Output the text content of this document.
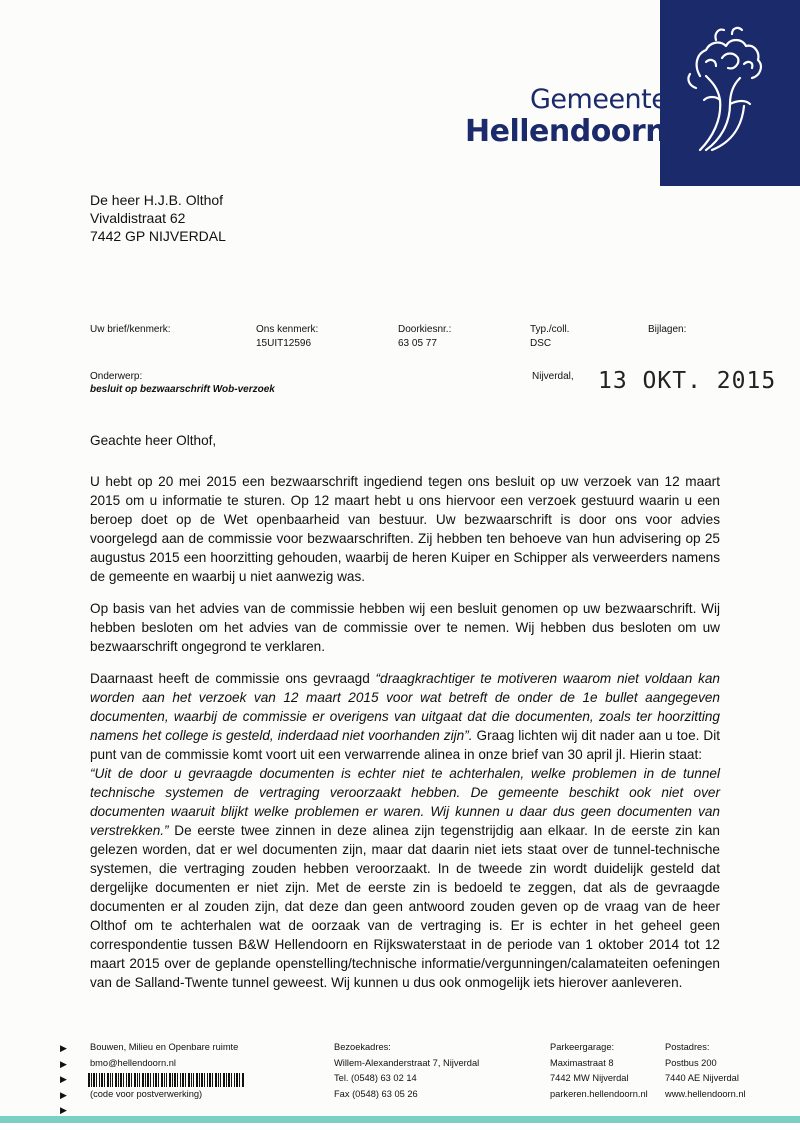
Gemeente
Hellendoorn
De heer H.J.B. Olthof
Vivaldistraat 62
7442 GP NIJVERDAL
Uw brief/kenmerk:	Ons kenmerk:
15UIT12596
Doorkiesnr.:
63 05 77
Typ./coll.
DSC
Bijlagen:
Onderwerp:
besluit op bezwaarschrift Wob-verzoek
Nijverdal, 13 OKT. 2015

Geachte heer Olthof,

U hebt op 20 mei 2015 een bezwaarschrift ingediend tegen ons besluit op uw verzoek van 12 maart 2015 om u informatie te sturen. Op 12 maart hebt u ons hiervoor een verzoek gestuurd waarin u een beroep doet op de Wet openbaarheid van bestuur. Uw bezwaarschrift is door ons voor advies voorgelegd aan de commissie voor bezwaarschriften. Zij hebben ten behoeve van hun advisering op 25 augustus 2015 een hoorzitting gehouden, waarbij de heren Kuiper en Schipper als verweerders namens de gemeente en waarbij u niet aanwezig was.

Op basis van het advies van de commissie hebben wij een besluit genomen op uw bezwaarschrift. Wij hebben besloten om het advies van de commissie over te nemen. Wij hebben dus besloten om uw bezwaarschrift ongegrond te verklaren.

Daarnaast heeft de commissie ons gevraagd “draagkrachtiger te motiveren waarom niet voldaan kan worden aan het verzoek van 12 maart 2015 voor wat betreft de onder de 1e bullet aangegeven documenten, waarbij de commissie er overigens van uitgaat dat die documenten, zoals ter hoorzitting namens het college is gesteld, inderdaad niet voorhanden zijn”. Graag lichten wij dit nader aan u toe. Dit punt van de commissie komt voort uit een verwarrende alinea in onze brief van 30 april jl. Hierin staat:

“Uit de door u gevraagde documenten is echter niet te achterhalen, welke problemen in de tunnel technische systemen de vertraging veroorzaakt hebben. De gemeente beschikt ook niet over documenten waaruit blijkt welke problemen er waren. Wij kunnen u daar dus geen documenten van verstrekken.” De eerste twee zinnen in deze alinea zijn tegenstrijdig aan elkaar. In de eerste zin kan gelezen worden, dat er wel documenten zijn, maar dat daarin niet iets staat over de tunnel-technische systemen, die vertraging zouden hebben veroorzaakt. In de tweede zin wordt duidelijk gesteld dat dergelijke documenten er niet zijn. Met de eerste zin is bedoeld te zeggen, dat als de gevraagde documenten er al zouden zijn, dat deze dan geen antwoord zouden geven op de vraag van de heer Olthof om te achterhalen wat de oorzaak van de vertraging is. Er is echter in het geheel geen correspondentie tussen B&W Hellendoorn en Rijkswaterstaat in de periode van 1 oktober 2014 tot 12 maart 2015 over de geplande openstelling/technische informatie/vergunningen/calamateiten oefeningen van de Salland-Twente tunnel geweest. Wij kunnen u dus ook onmogelijk iets hierover aanleveren.

▶
▶
▶
▶
▶
Bouwen, Milieu en Openbare ruimte
bmo@hellendoorn.nl

(code voor postverwerking)
Bezoekadres:
Willem-Alexanderstraat 7, Nijverdal
Tel. (0548) 63 02 14
Fax (0548) 63 05 26
Parkeergarage:
Maximastraat 8
7442 MW Nijverdal
parkeren.hellendoorn.nl
Postadres:
Postbus 200
7440 AE Nijverdal
www.hellendoorn.nl
